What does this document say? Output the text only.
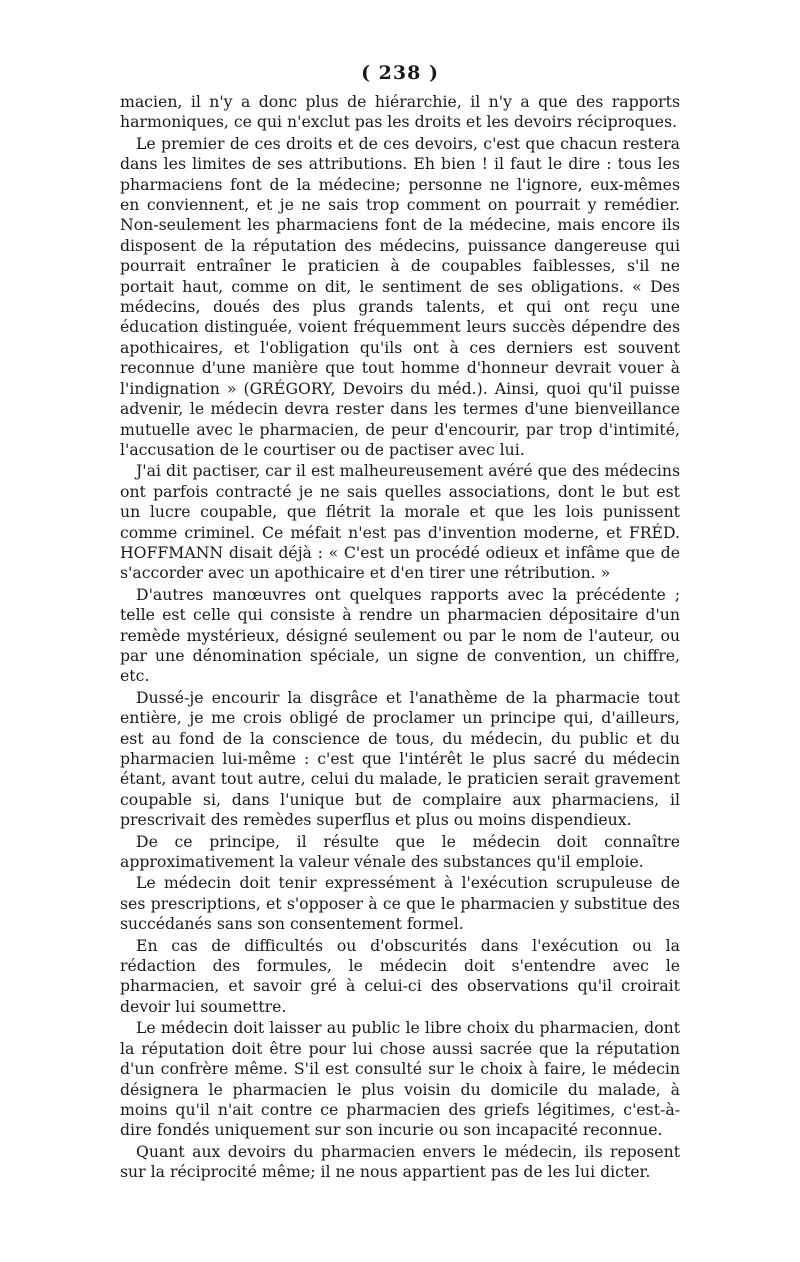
( 238 )

macien, il n'y a donc plus de hiérarchie, il n'y a que des rapports harmoniques, ce qui n'exclut pas les droits et les devoirs réciproques.

Le premier de ces droits et de ces devoirs, c'est que chacun restera dans les limites de ses attributions. Eh bien ! il faut le dire : tous les pharmaciens font de la médecine; personne ne l'ignore, eux-mêmes en conviennent, et je ne sais trop comment on pourrait y remédier. Non-seulement les pharmaciens font de la médecine, mais encore ils disposent de la réputation des médecins, puissance dangereuse qui pourrait entraîner le praticien à de coupables faiblesses, s'il ne portait haut, comme on dit, le sentiment de ses obligations. « Des médecins, doués des plus grands talents, et qui ont reçu une éducation distinguée, voient fréquemment leurs succès dépendre des apothicaires, et l'obligation qu'ils ont à ces derniers est souvent reconnue d'une manière que tout homme d'honneur devrait vouer à l'indignation » (GRÉGORY, Devoirs du méd.). Ainsi, quoi qu'il puisse advenir, le médecin devra rester dans les termes d'une bienveillance mutuelle avec le pharmacien, de peur d'encourir, par trop d'intimité, l'accusation de le courtiser ou de pactiser avec lui.

J'ai dit pactiser, car il est malheureusement avéré que des médecins ont parfois contracté je ne sais quelles associations, dont le but est un lucre coupable, que flétrit la morale et que les lois punissent comme criminel. Ce méfait n'est pas d'invention moderne, et FRÉD. HOFFMANN disait déjà : « C'est un procédé odieux et infâme que de s'accorder avec un apothicaire et d'en tirer une rétribution. »

D'autres manœuvres ont quelques rapports avec la précédente ; telle est celle qui consiste à rendre un pharmacien dépositaire d'un remède mystérieux, désigné seulement ou par le nom de l'auteur, ou par une dénomination spéciale, un signe de convention, un chiffre, etc.

Dussé-je encourir la disgrâce et l'anathème de la pharmacie tout entière, je me crois obligé de proclamer un principe qui, d'ailleurs, est au fond de la conscience de tous, du médecin, du public et du pharmacien lui-même : c'est que l'intérêt le plus sacré du médecin étant, avant tout autre, celui du malade, le praticien serait gravement coupable si, dans l'unique but de complaire aux pharmaciens, il prescrivait des remèdes superflus et plus ou moins dispendieux.

De ce principe, il résulte que le médecin doit connaître approximativement la valeur vénale des substances qu'il emploie.

Le médecin doit tenir expressément à l'exécution scrupuleuse de ses prescriptions, et s'opposer à ce que le pharmacien y substitue des succédanés sans son consentement formel.

En cas de difficultés ou d'obscurités dans l'exécution ou la rédaction des formules, le médecin doit s'entendre avec le pharmacien, et savoir gré à celui-ci des observations qu'il croirait devoir lui soumettre.

Le médecin doit laisser au public le libre choix du pharmacien, dont la réputation doit être pour lui chose aussi sacrée que la réputation d'un confrère même. S'il est consulté sur le choix à faire, le médecin désignera le pharmacien le plus voisin du domicile du malade, à moins qu'il n'ait contre ce pharmacien des griefs légitimes, c'est-à-dire fondés uniquement sur son incurie ou son incapacité reconnue.

Quant aux devoirs du pharmacien envers le médecin, ils reposent sur la réciprocité même; il ne nous appartient pas de les lui dicter.
